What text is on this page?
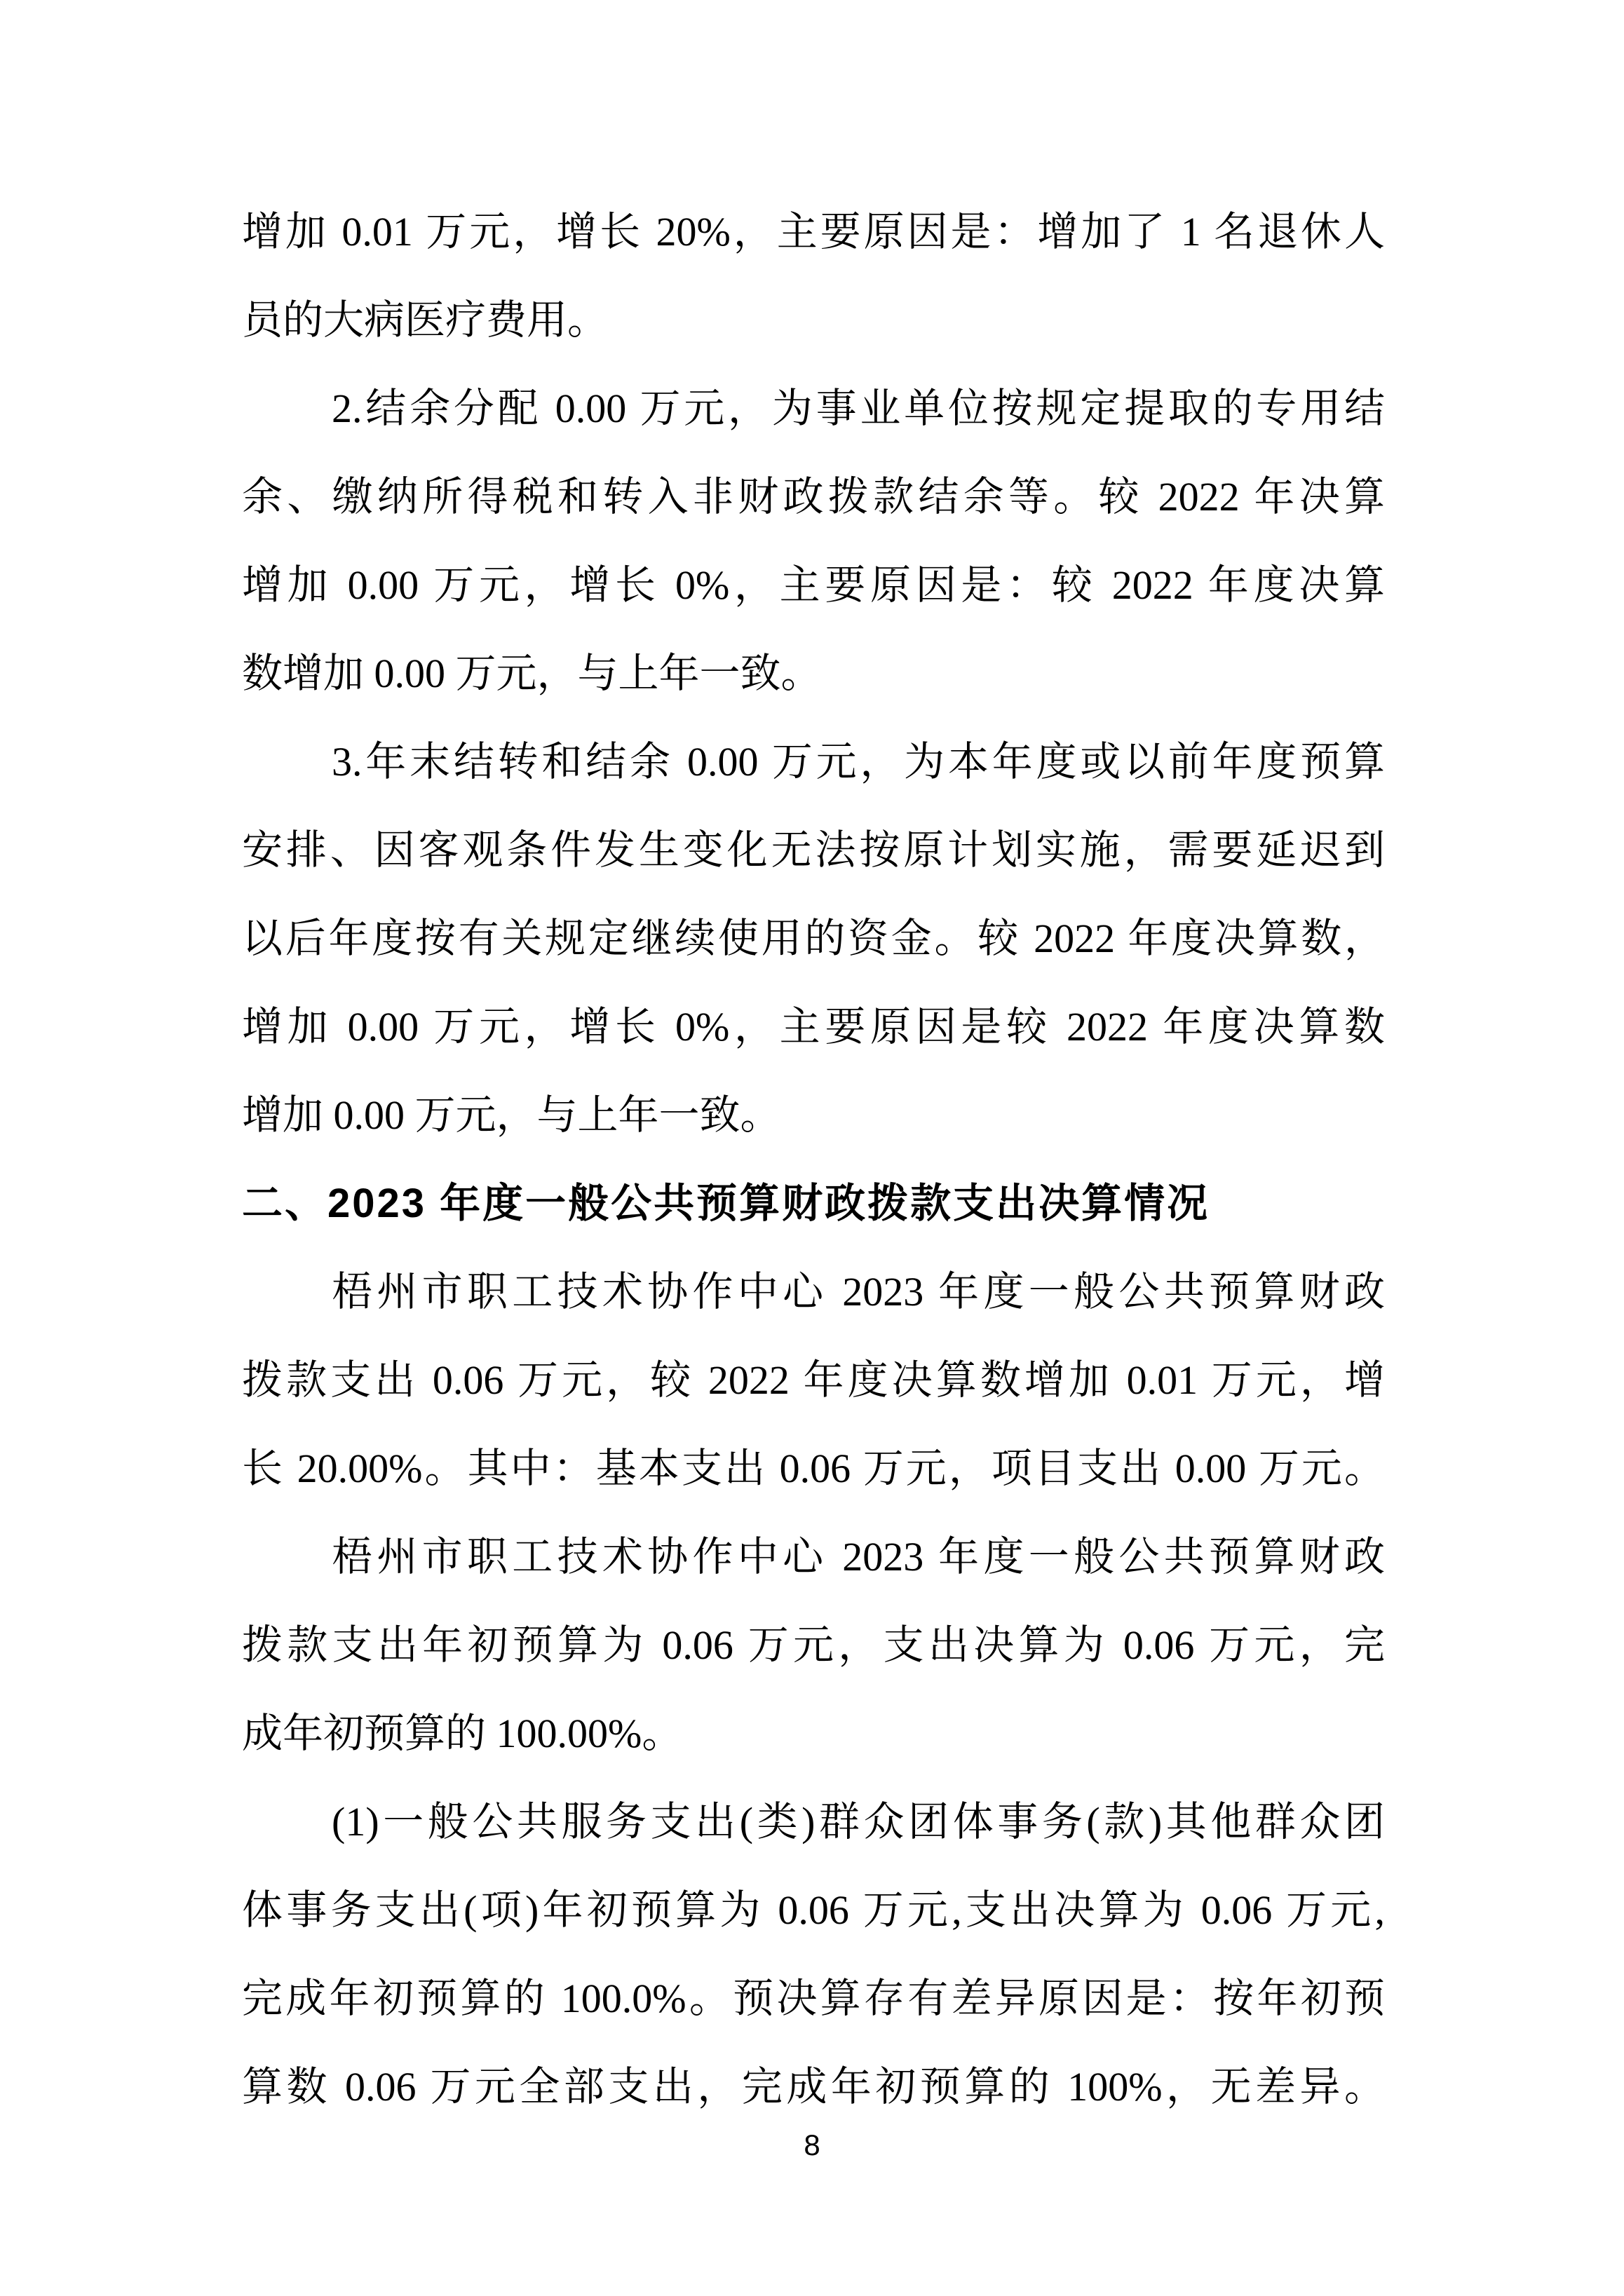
增加 0.01 万元，增长 20%，主要原因是：增加了 1 名退休人
员的大病医疗费用。
2.结余分配 0.00 万元，为事业单位按规定提取的专用结
余、缴纳所得税和转入非财政拨款结余等。较 2022 年决算
增加 0.00 万元，增长 0%，主要原因是：较 2022 年度决算
数增加 0.00 万元，与上年一致。
3.年末结转和结余 0.00 万元，为本年度或以前年度预算
安排、因客观条件发生变化无法按原计划实施，需要延迟到
以后年度按有关规定继续使用的资金。较 2022 年度决算数，
增加 0.00 万元，增长 0%，主要原因是较 2022 年度决算数
增加 0.00 万元，与上年一致。
二、2023 年度一般公共预算财政拨款支出决算情况
梧州市职工技术协作中心 2023 年度一般公共预算财政
拨款支出 0.06 万元，较 2022 年度决算数增加 0.01 万元，增
长 20.00%。其中：基本支出 0.06 万元，项目支出 0.00 万元。
梧州市职工技术协作中心 2023 年度一般公共预算财政
拨款支出年初预算为 0.06 万元，支出决算为 0.06 万元，完
成年初预算的 100.00%。
(1)一般公共服务支出(类)群众团体事务(款)其他群众团
体事务支出(项)年初预算为 0.06 万元,支出决算为 0.06 万元,
完成年初预算的 100.0%。预决算存有差异原因是：按年初预
算数 0.06 万元全部支出，完成年初预算的 100%，无差异。
8
